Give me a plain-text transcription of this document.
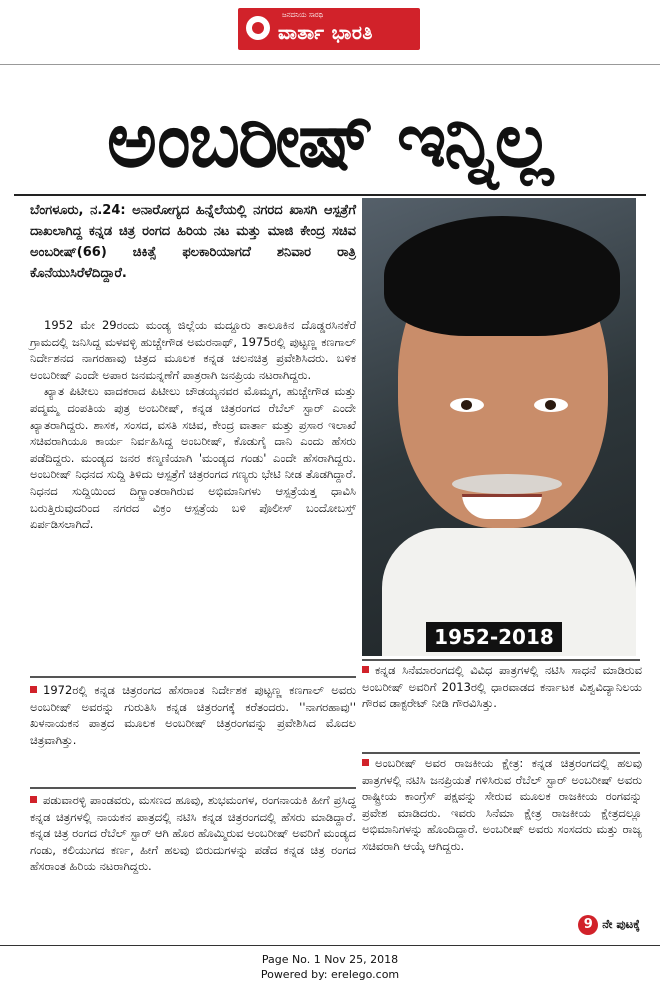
ಜನದನಿಯ ಸಾರಥಿ
ವಾರ್ತಾ ಭಾರತಿ
ಅಂಬರೀಷ್ ಇನ್ನಿಲ್ಲ
ಬೆಂಗಳೂರು, ನ.24: ಅನಾರೋಗ್ಯದ ಹಿನ್ನೆಲೆಯಲ್ಲಿ ನಗರದ ಖಾಸಗಿ ಆಸ್ಪತ್ರೆಗೆ ದಾಖಲಾಗಿದ್ದ ಕನ್ನಡ ಚಿತ್ರ ರಂಗದ ಹಿರಿಯ ನಟ ಮತ್ತು ಮಾಜಿ ಕೇಂದ್ರ ಸಚಿವ ಅಂಬರೀಷ್(66) ಚಿಕಿತ್ಸೆ ಫಲಕಾರಿಯಾಗದೆ ಶನಿವಾರ ರಾತ್ರಿ ಕೊನೆಯುಸಿರೆಳೆದಿದ್ದಾರೆ.

1952 ಮೇ 29ರಂದು ಮಂಡ್ಯ ಜಿಲ್ಲೆಯ ಮದ್ದೂರು ತಾಲೂಕಿನ ದೊಡ್ಡರಸಿನಕೆರೆ ಗ್ರಾಮದಲ್ಲಿ ಜನಿಸಿದ್ದ ಮಳವಳ್ಳಿ ಹುಚ್ಚೇಗೌಡ ಅಮರನಾಥ್, 1975ರಲ್ಲಿ ಪುಟ್ಟಣ್ಣ ಕಣಗಾಲ್ ನಿರ್ದೇಶನದ ನಾಗರಹಾವು ಚಿತ್ರದ ಮೂಲಕ ಕನ್ನಡ ಚಲನಚಿತ್ರ ಪ್ರವೇಶಿಸಿದರು. ಬಳಿಕ ಅಂಬರೀಷ್ ಎಂದೇ ಅಪಾರ ಜನಮನ್ನಣೆಗೆ ಪಾತ್ರರಾಗಿ ಜನಪ್ರಿಯ ನಟರಾಗಿದ್ದರು.

ಖ್ಯಾತ ಪಿಟೀಲು ವಾದಕರಾದ ಪಿಟೀಲು ಚೌಡಯ್ಯನವರ ಮೊಮ್ಮಗ, ಹುಚ್ಚೇಗೌಡ ಮತ್ತು ಪದ್ಮಮ್ಮ ದಂಪತಿಯ ಪುತ್ರ ಅಂಬರೀಷ್, ಕನ್ನಡ ಚಿತ್ರರಂಗದ ರೆಬೆಲ್ ಸ್ಟಾರ್ ಎಂದೇ ಖ್ಯಾತರಾಗಿದ್ದರು. ಶಾಸಕ, ಸಂಸದ, ವಸತಿ ಸಚಿವ, ಕೇಂದ್ರ ವಾರ್ತಾ ಮತ್ತು ಪ್ರಸಾರ ಇಲಾಖೆ ಸಚಿವರಾಗಿಯೂ ಕಾರ್ಯ ನಿರ್ವಹಿಸಿದ್ದ ಅಂಬರೀಷ್, ಕೊಡುಗೈ ದಾನಿ ಎಂದು ಹೆಸರು ಪಡೆದಿದ್ದರು. ಮಂಡ್ಯದ ಜನರ ಕಣ್ಮಣಿಯಾಗಿ 'ಮಂಡ್ಯದ ಗಂಡು' ಎಂದೇ ಹೆಸರಾಗಿದ್ದರು. ಅಂಬರೀಷ್ ನಿಧನದ ಸುದ್ದಿ ತಿಳಿದು ಆಸ್ಪತ್ರೆಗೆ ಚಿತ್ರರಂಗದ ಗಣ್ಯರು ಭೇಟಿ ನೀಡ ತೊಡಗಿದ್ದಾರೆ. ನಿಧನದ ಸುದ್ದಿಯಿಂದ ದಿಗ್ಭ್ರಾಂತರಾಗಿರುವ ಅಭಿಮಾನಿಗಳು ಆಸ್ಪತ್ರೆಯತ್ತ ಧಾವಿಸಿ ಬರುತ್ತಿರುವುದರಿಂದ ನಗರದ ವಿಕ್ರಂ ಆಸ್ಪತ್ರೆಯ ಬಳಿ ಪೊಲೀಸ್ ಬಂದೋಬಸ್ತ್ ಏರ್ಪಡಿಸಲಾಗಿದೆ.

1952-2018
ಕನ್ನಡ ಸಿನೆಮಾರಂಗದಲ್ಲಿ ವಿವಿಧ ಪಾತ್ರಗಳಲ್ಲಿ ನಟಿಸಿ ಸಾಧನೆ ಮಾಡಿರುವ ಅಂಬರೀಷ್ ಅವರಿಗೆ 2013ರಲ್ಲಿ ಧಾರವಾಡದ ಕರ್ನಾಟಕ ವಿಶ್ವವಿದ್ಯಾನಿಲಯ ಗೌರವ ಡಾಕ್ಟರೇಟ್ ನೀಡಿ ಗೌರವಿಸಿತ್ತು.
ಅಂಬರೀಷ್ ಅವರ ರಾಜಕೀಯ ಕ್ಷೇತ್ರ: ಕನ್ನಡ ಚಿತ್ರರಂಗದಲ್ಲಿ ಹಲವು ಪಾತ್ರಗಳಲ್ಲಿ ನಟಿಸಿ ಜನಪ್ರಿಯತೆ ಗಳಿಸಿರುವ ರೆಬೆಲ್ ಸ್ಟಾರ್ ಅಂಬರೀಷ್ ಅವರು ರಾಷ್ಟ್ರೀಯ ಕಾಂಗ್ರೆಸ್ ಪಕ್ಷವನ್ನು ಸೇರುವ ಮೂಲಕ ರಾಜಕೀಯ ರಂಗವನ್ನು ಪ್ರವೇಶ ಮಾಡಿದರು. ಇವರು ಸಿನೆಮಾ ಕ್ಷೇತ್ರ ರಾಜಕೀಯ ಕ್ಷೇತ್ರದಲ್ಲೂ ಅಭಿಮಾನಿಗಳನ್ನು ಹೊಂದಿದ್ದಾರೆ. ಅಂಬರೀಷ್ ಅವರು ಸಂಸದರು ಮತ್ತು ರಾಜ್ಯ ಸಚಿವರಾಗಿ ಆಯ್ಕೆ ಆಗಿದ್ದರು.
9 ನೇ ಪುಟಕ್ಕೆ
1972ರಲ್ಲಿ ಕನ್ನಡ ಚಿತ್ರರಂಗದ ಹೆಸರಾಂತ ನಿರ್ದೇಶಕ ಪುಟ್ಟಣ್ಣ ಕಣಗಾಲ್ ಅವರು ಅಂಬರೀಷ್ ಅವರನ್ನು ಗುರುತಿಸಿ ಕನ್ನಡ ಚಿತ್ರರಂಗಕ್ಕೆ ಕರೆತಂದರು. ''ನಾಗರಹಾವು'' ಖಳನಾಯಕನ ಪಾತ್ರದ ಮೂಲಕ ಅಂಬರೀಷ್ ಚಿತ್ರರಂಗವನ್ನು ಪ್ರವೇಶಿಸಿದ ಮೊದಲ ಚಿತ್ರವಾಗಿತ್ತು.
ಪಡುವಾರಳ್ಳಿ ಪಾಂಡವರು, ಮಸಣದ ಹೂವು, ಶುಭಮಂಗಳ, ರಂಗನಾಯಕಿ ಹೀಗೆ ಪ್ರಸಿದ್ಧ ಕನ್ನಡ ಚಿತ್ರಗಳಲ್ಲಿ ನಾಯಕನ ಪಾತ್ರದಲ್ಲಿ ನಟಿಸಿ ಕನ್ನಡ ಚಿತ್ರರಂಗದಲ್ಲಿ ಹೆಸರು ಮಾಡಿದ್ದಾರೆ. ಕನ್ನಡ ಚಿತ್ರ ರಂಗದ ರೆಬೆಲ್ ಸ್ಟಾರ್ ಆಗಿ ಹೊರ ಹೊಮ್ಮಿರುವ ಅಂಬರೀಷ್ ಅವರಿಗೆ ಮಂಡ್ಯದ ಗಂಡು, ಕಲಿಯುಗದ ಕರ್ಣ, ಹೀಗೆ ಹಲವು ಬಿರುದುಗಳನ್ನು ಪಡೆದ ಕನ್ನಡ ಚಿತ್ರ ರಂಗದ ಹೆಸರಾಂತ ಹಿರಿಯ ನಟರಾಗಿದ್ದರು.
Page No. 1 Nov 25, 2018
Powered by: erelego.com
